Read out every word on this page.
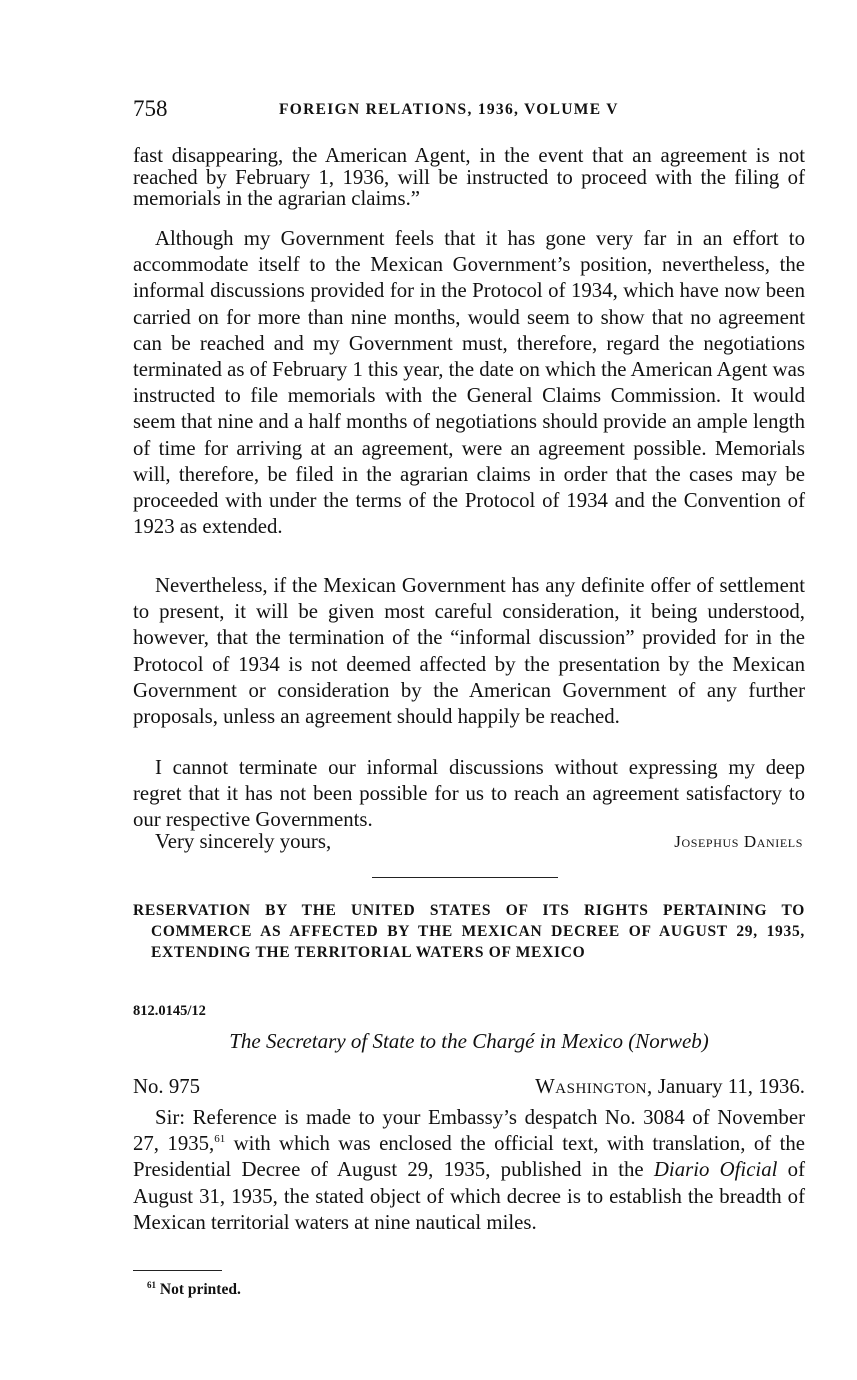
758	FOREIGN RELATIONS, 1936, VOLUME V

fast disappearing, the American Agent, in the event that an agreement is not reached by February 1, 1936, will be instructed to proceed with the filing of memorials in the agrarian claims.”

Although my Government feels that it has gone very far in an effort to accommodate itself to the Mexican Government’s position, nevertheless, the informal discussions provided for in the Protocol of 1934, which have now been carried on for more than nine months, would seem to show that no agreement can be reached and my Government must, therefore, regard the negotiations terminated as of February 1 this year, the date on which the American Agent was instructed to file memorials with the General Claims Commission. It would seem that nine and a half months of negotiations should provide an ample length of time for arriving at an agreement, were an agreement possible. Memorials will, therefore, be filed in the agrarian claims in order that the cases may be proceeded with under the terms of the Protocol of 1934 and the Convention of 1923 as extended.

Nevertheless, if the Mexican Government has any definite offer of settlement to present, it will be given most careful consideration, it being understood, however, that the termination of the “informal discussion” provided for in the Protocol of 1934 is not deemed affected by the presentation by the Mexican Government or consideration by the American Government of any further proposals, unless an agreement should happily be reached.

I cannot terminate our informal discussions without expressing my deep regret that it has not been possible for us to reach an agreement satisfactory to our respective Governments.

Very sincerely yours,	Josephus Daniels

RESERVATION BY THE UNITED STATES OF ITS RIGHTS PERTAINING TO COMMERCE AS AFFECTED BY THE MEXICAN DECREE OF AUGUST 29, 1935, EXTENDING THE TERRITORIAL WATERS OF MEXICO

812.0145/12
The Secretary of State to the Chargé in Mexico (Norweb)
No. 975	Washington, January 11, 1936.

Sir: Reference is made to your Embassy’s despatch No. 3084 of November 27, 1935,61 with which was enclosed the official text, with translation, of the Presidential Decree of August 29, 1935, published in the Diario Oficial of August 31, 1935, the stated object of which decree is to establish the breadth of Mexican territorial waters at nine nautical miles.

$^{61}$ Not printed.
